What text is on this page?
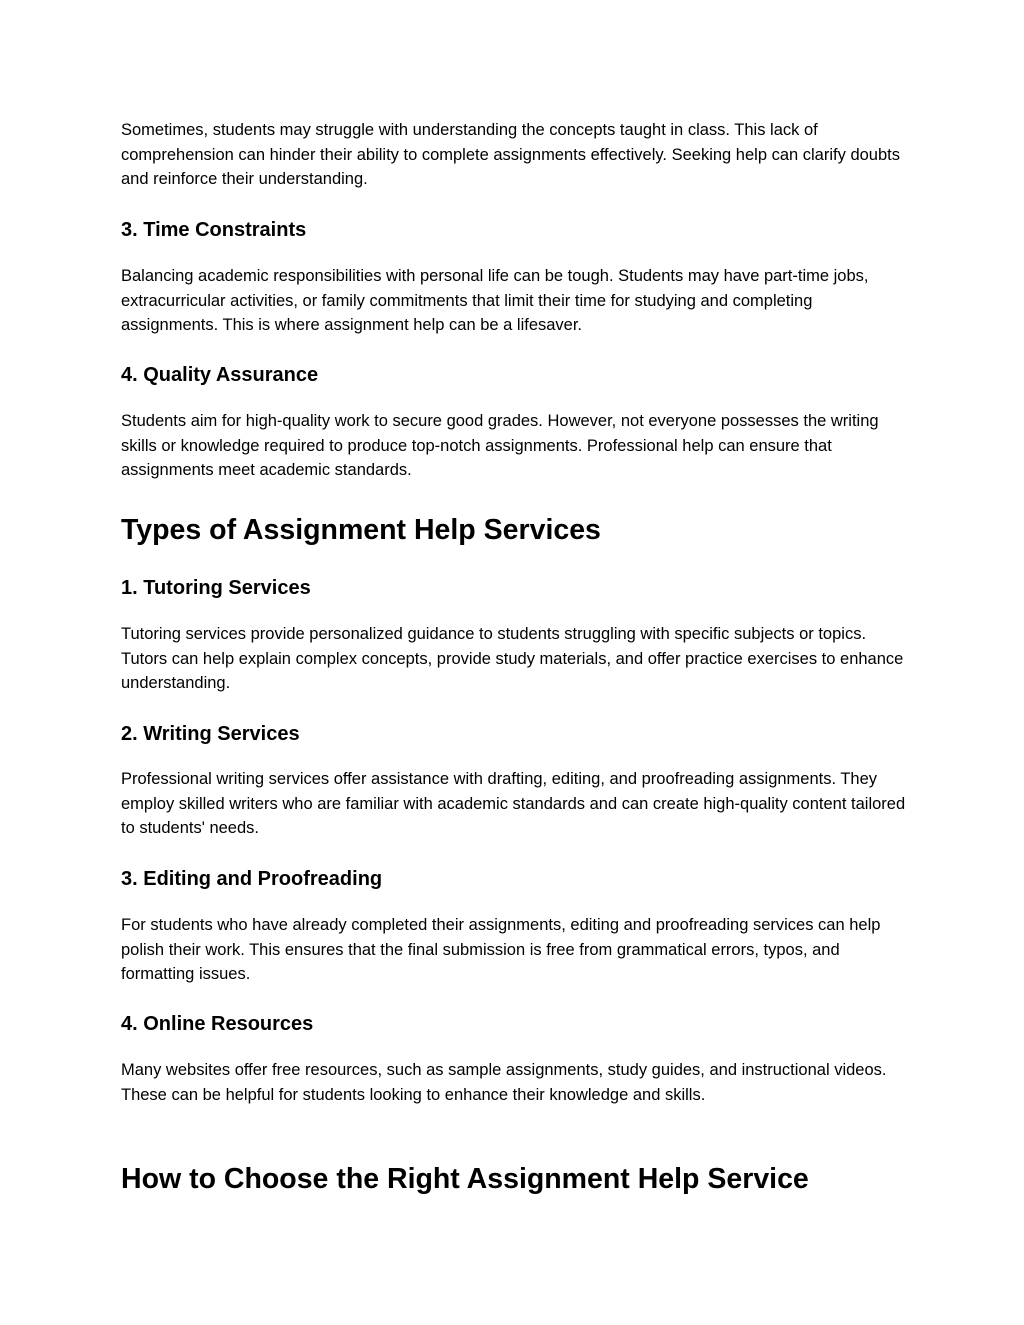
Sometimes, students may struggle with understanding the concepts taught in class. This lack of comprehension can hinder their ability to complete assignments effectively. Seeking help can clarify doubts and reinforce their understanding.

3. Time Constraints

Balancing academic responsibilities with personal life can be tough. Students may have part-time jobs, extracurricular activities, or family commitments that limit their time for studying and completing assignments. This is where assignment help can be a lifesaver.

4. Quality Assurance

Students aim for high-quality work to secure good grades. However, not everyone possesses the writing skills or knowledge required to produce top-notch assignments. Professional help can ensure that assignments meet academic standards.

Types of Assignment Help Services
1. Tutoring Services

Tutoring services provide personalized guidance to students struggling with specific subjects or topics. Tutors can help explain complex concepts, provide study materials, and offer practice exercises to enhance understanding.

2. Writing Services

Professional writing services offer assistance with drafting, editing, and proofreading assignments. They employ skilled writers who are familiar with academic standards and can create high-quality content tailored to students' needs.

3. Editing and Proofreading

For students who have already completed their assignments, editing and proofreading services can help polish their work. This ensures that the final submission is free from grammatical errors, typos, and formatting issues.

4. Online Resources

Many websites offer free resources, such as sample assignments, study guides, and instructional videos. These can be helpful for students looking to enhance their knowledge and skills.

How to Choose the Right Assignment Help Service
